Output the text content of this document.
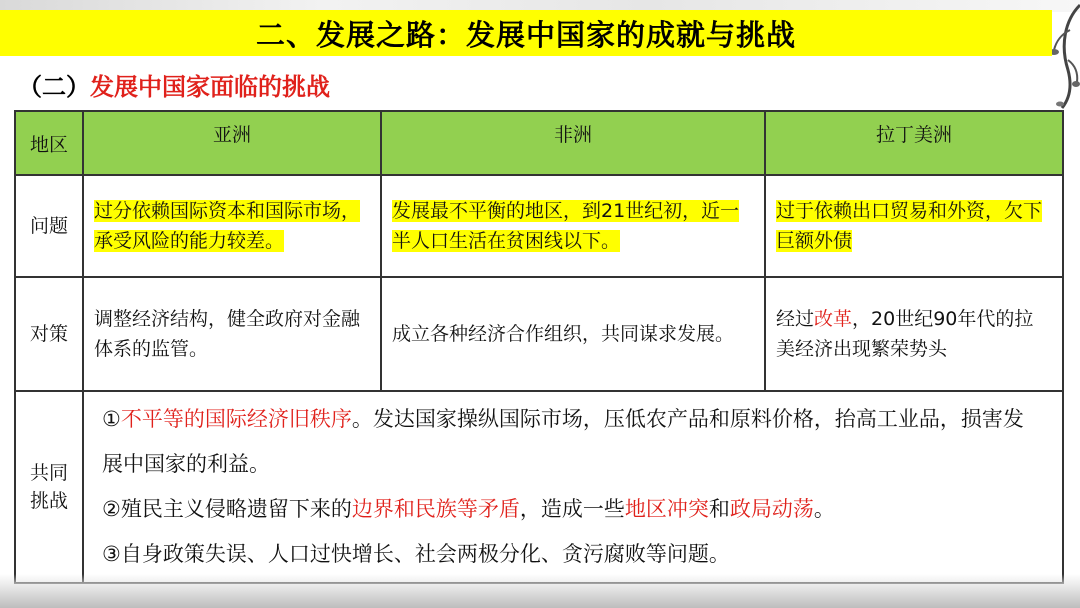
二、发展之路：发展中国家的成就与挑战
（二） 发展中国家面临的挑战
地区	亚洲	非洲	拉丁美洲
问题	过分依赖国际资本和国际市场，承受风险的能力较差。	发展最不平衡的地区，到21世纪初，近一半人口生活在贫困线以下。	过于依赖出口贸易和外资，欠下巨额外债
对策	调整经济结构，健全政府对金融体系的监管。	成立各种经济合作组织，共同谋求发展。	经过改革，20世纪90年代的拉美经济出现繁荣势头
共同挑战	①不平等的国际经济旧秩序。发达国家操纵国际市场，压低农产品和原料价格，抬高工业品，损害发展中国家的利益。

②殖民主义侵略遗留下来的边界和民族等矛盾，造成一些地区冲突和政局动荡。

③自身政策失误、人口过快增长、社会两极分化、贪污腐败等问题。		
